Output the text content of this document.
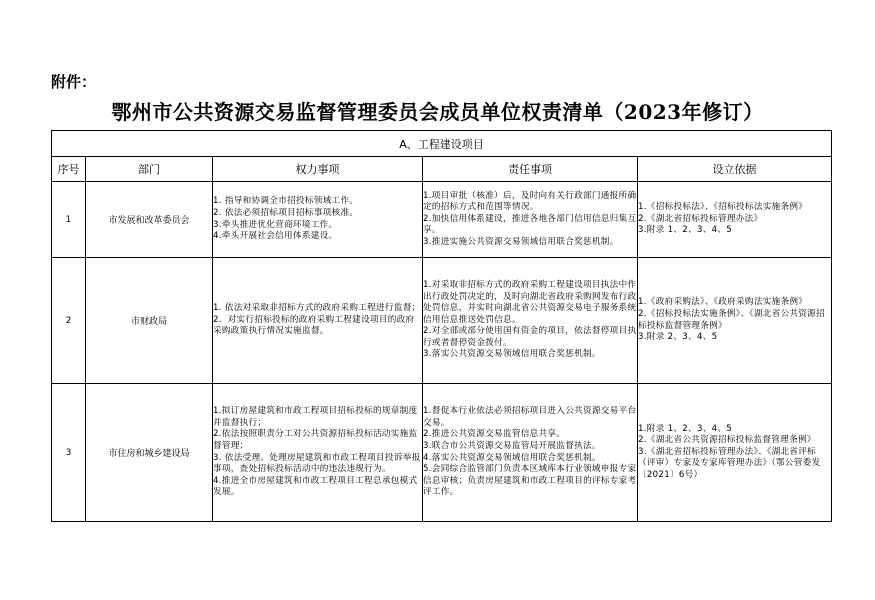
附件：
鄂州市公共资源交易监督管理委员会成员单位权责清单（2023年修订）
A、工程建设项目				
序号	部门	权力事项	责任事项	设立依据
1	市发展和改革委员会	1. 指导和协调全市招投标领域工作。
2. 依法必须招标项目招标事项核准。
3.牵头推进优化营商环境工作。
4.牵头开展社会信用体系建设。	1.项目审批（核准）后，及时向有关行政部门通报所确定的招标方式和范围等情况。
2.加快信用体系建设，推进各地各部门信用信息归集互享。
3.推进实施公共资源交易领域信用联合奖惩机制。	1.《招标投标法》、《招标投标法实施条例》
2.《湖北省招标投标管理办法》
3.附录 1、2、3、4、5

2	市财政局	1. 依法对采取非招标方式的政府采购工程进行监督；
2．对实行招标投标的政府采购工程建设项目的政府采购政策执行情况实施监督。	1.对采取非招标方式的政府采购工程建设项目执法中作出行政处罚决定的，及时向湖北省政府采购网发布行政处罚信息，并实时向湖北省公共资源交易电子服务系统信用信息推送处罚信息。
2.对全部或部分使用国有资金的项目，依法督停项目执行或者督停资金拨付。
3.落实公共资源交易领域信用联合奖惩机制。	1.《政府采购法》、《政府采购法实施条例》
2.《招标投标法实施条例》、《湖北省公共资源招标投标监督管理条例》
3.附录 2、3、4、5

3	市住房和城乡建设局	1.拟订房屋建筑和市政工程项目招标投标的规章制度并监督执行；
2.依法按照职责分工对公共资源招标投标活动实施监督管理；
3. 依法受理、处理房屋建筑和市政工程项目投诉举报事项，查处招标投标活动中的违法违规行为。
4.推进全市房屋建筑和市政工程项目工程总承包模式发展。	1.督促本行业依法必须招标项目进入公共资源交易平台交易。
2.推进公共资源交易监管信息共享。
3.联合市公共资源交易监管局开展监督执法。
4.落实公共资源交易领域信用联合奖惩机制。
5.会同综合监管部门负责本区域库本行业领域申报专家信息审核；负责房屋建筑和市政工程项目的评标专家考评工作。	1.附录 1、2、3、4、5
2.《湖北省公共资源招标投标监督管理条例》
3.《湖北省招标投标管理办法》、《湖北省评标（评审）专家及专家库管理办法》（鄂公管委发〔2021〕6号）
